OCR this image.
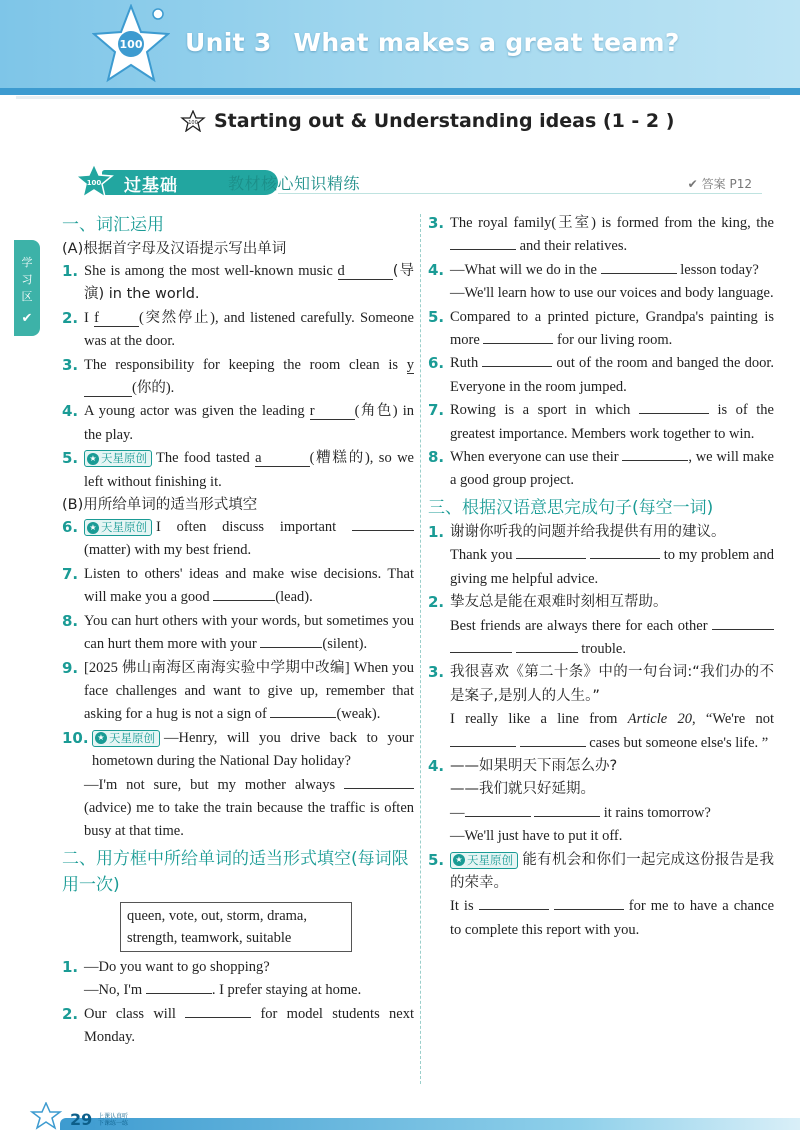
100 Unit 3 What makes a great team?
100 Starting out & Understanding ideas (1 - 2 )
100 过基础	教材核心知识精练	✔ 答案 P12
学
习
区
✔
一、词汇运用
(A)根据首字母及汉语提示写出单词
1. She is among the most well-known music d	(导演) in the world.
2. I f	(突然停止), and listened carefully. Someone was at the door.
3. The responsibility for keeping the room clean is y(你的).
4. A young actor was given the leading r	(角色) in the play.
5.	★ 天星原创 The food tasted a	(糟糕的), so we left without finishing it.
(B)用所给单词的适当形式填空
6.	★ 天星原创 I often discuss important  (matter) with my best friend.
7. Listen to others' ideas and make wise decisions. That will make you a good	(lead).
8. You can hurt others with your words, but sometimes you can hurt them more with your	(silent).
9. [2025 佛山南海区南海实验中学期中改编] When you face challenges and want to give up, remember that asking for a hug is not a sign of	(weak).
10.	★ 天星原创 —Henry, will you drive back to your hometown during the National Day holiday?
—I'm not sure, but my mother always  (advice) me to take the train because the traffic is often busy at that time.
二、用方框中所给单词的适当形式填空(每词限用一次)
queen, vote, out, storm, drama, strength, teamwork, suitable
1. —Do you want to go shopping?
—No, I'm	. I prefer staying at home.
2. Our class will	for model students next Monday.
3. The royal family(王室) is formed from the king, the  and their relatives.
4. —What will we do in the	lesson today?
—We'll learn how to use our voices and body language.
5. Compared to a printed picture, Grandpa's painting is more	for our living room.
6. Ruth	out of the room and banged the door. Everyone in the room jumped.
7. Rowing is a sport in which	is of the greatest importance. Members work together to win.
8. When everyone can use their	, we will make a good group project.
三、根据汉语意思完成句子(每空一词)
1. 谢谢你听我的问题并给我提供有用的建议。
Thank you	to my problem and giving me helpful advice.
2. 挚友总是能在艰难时刻相互帮助。
Best friends are always there for each other    trouble.
3. 我很喜欢《第二十条》中的一句台词:“我们办的不是案子,是别人的人生。”
I really like a line from Article 20, “We're not   cases but someone else's life. ”
4. ——如果明天下雨怎么办?
——我们就只好延期。
—	it rains tomorrow?
—We'll just have to put it off.
5.	★ 天星原创 能有机会和你们一起完成这份报告是我的荣幸。
It is	for me to have a chance to complete this report with you.
29 上课认真听
下课练一练
